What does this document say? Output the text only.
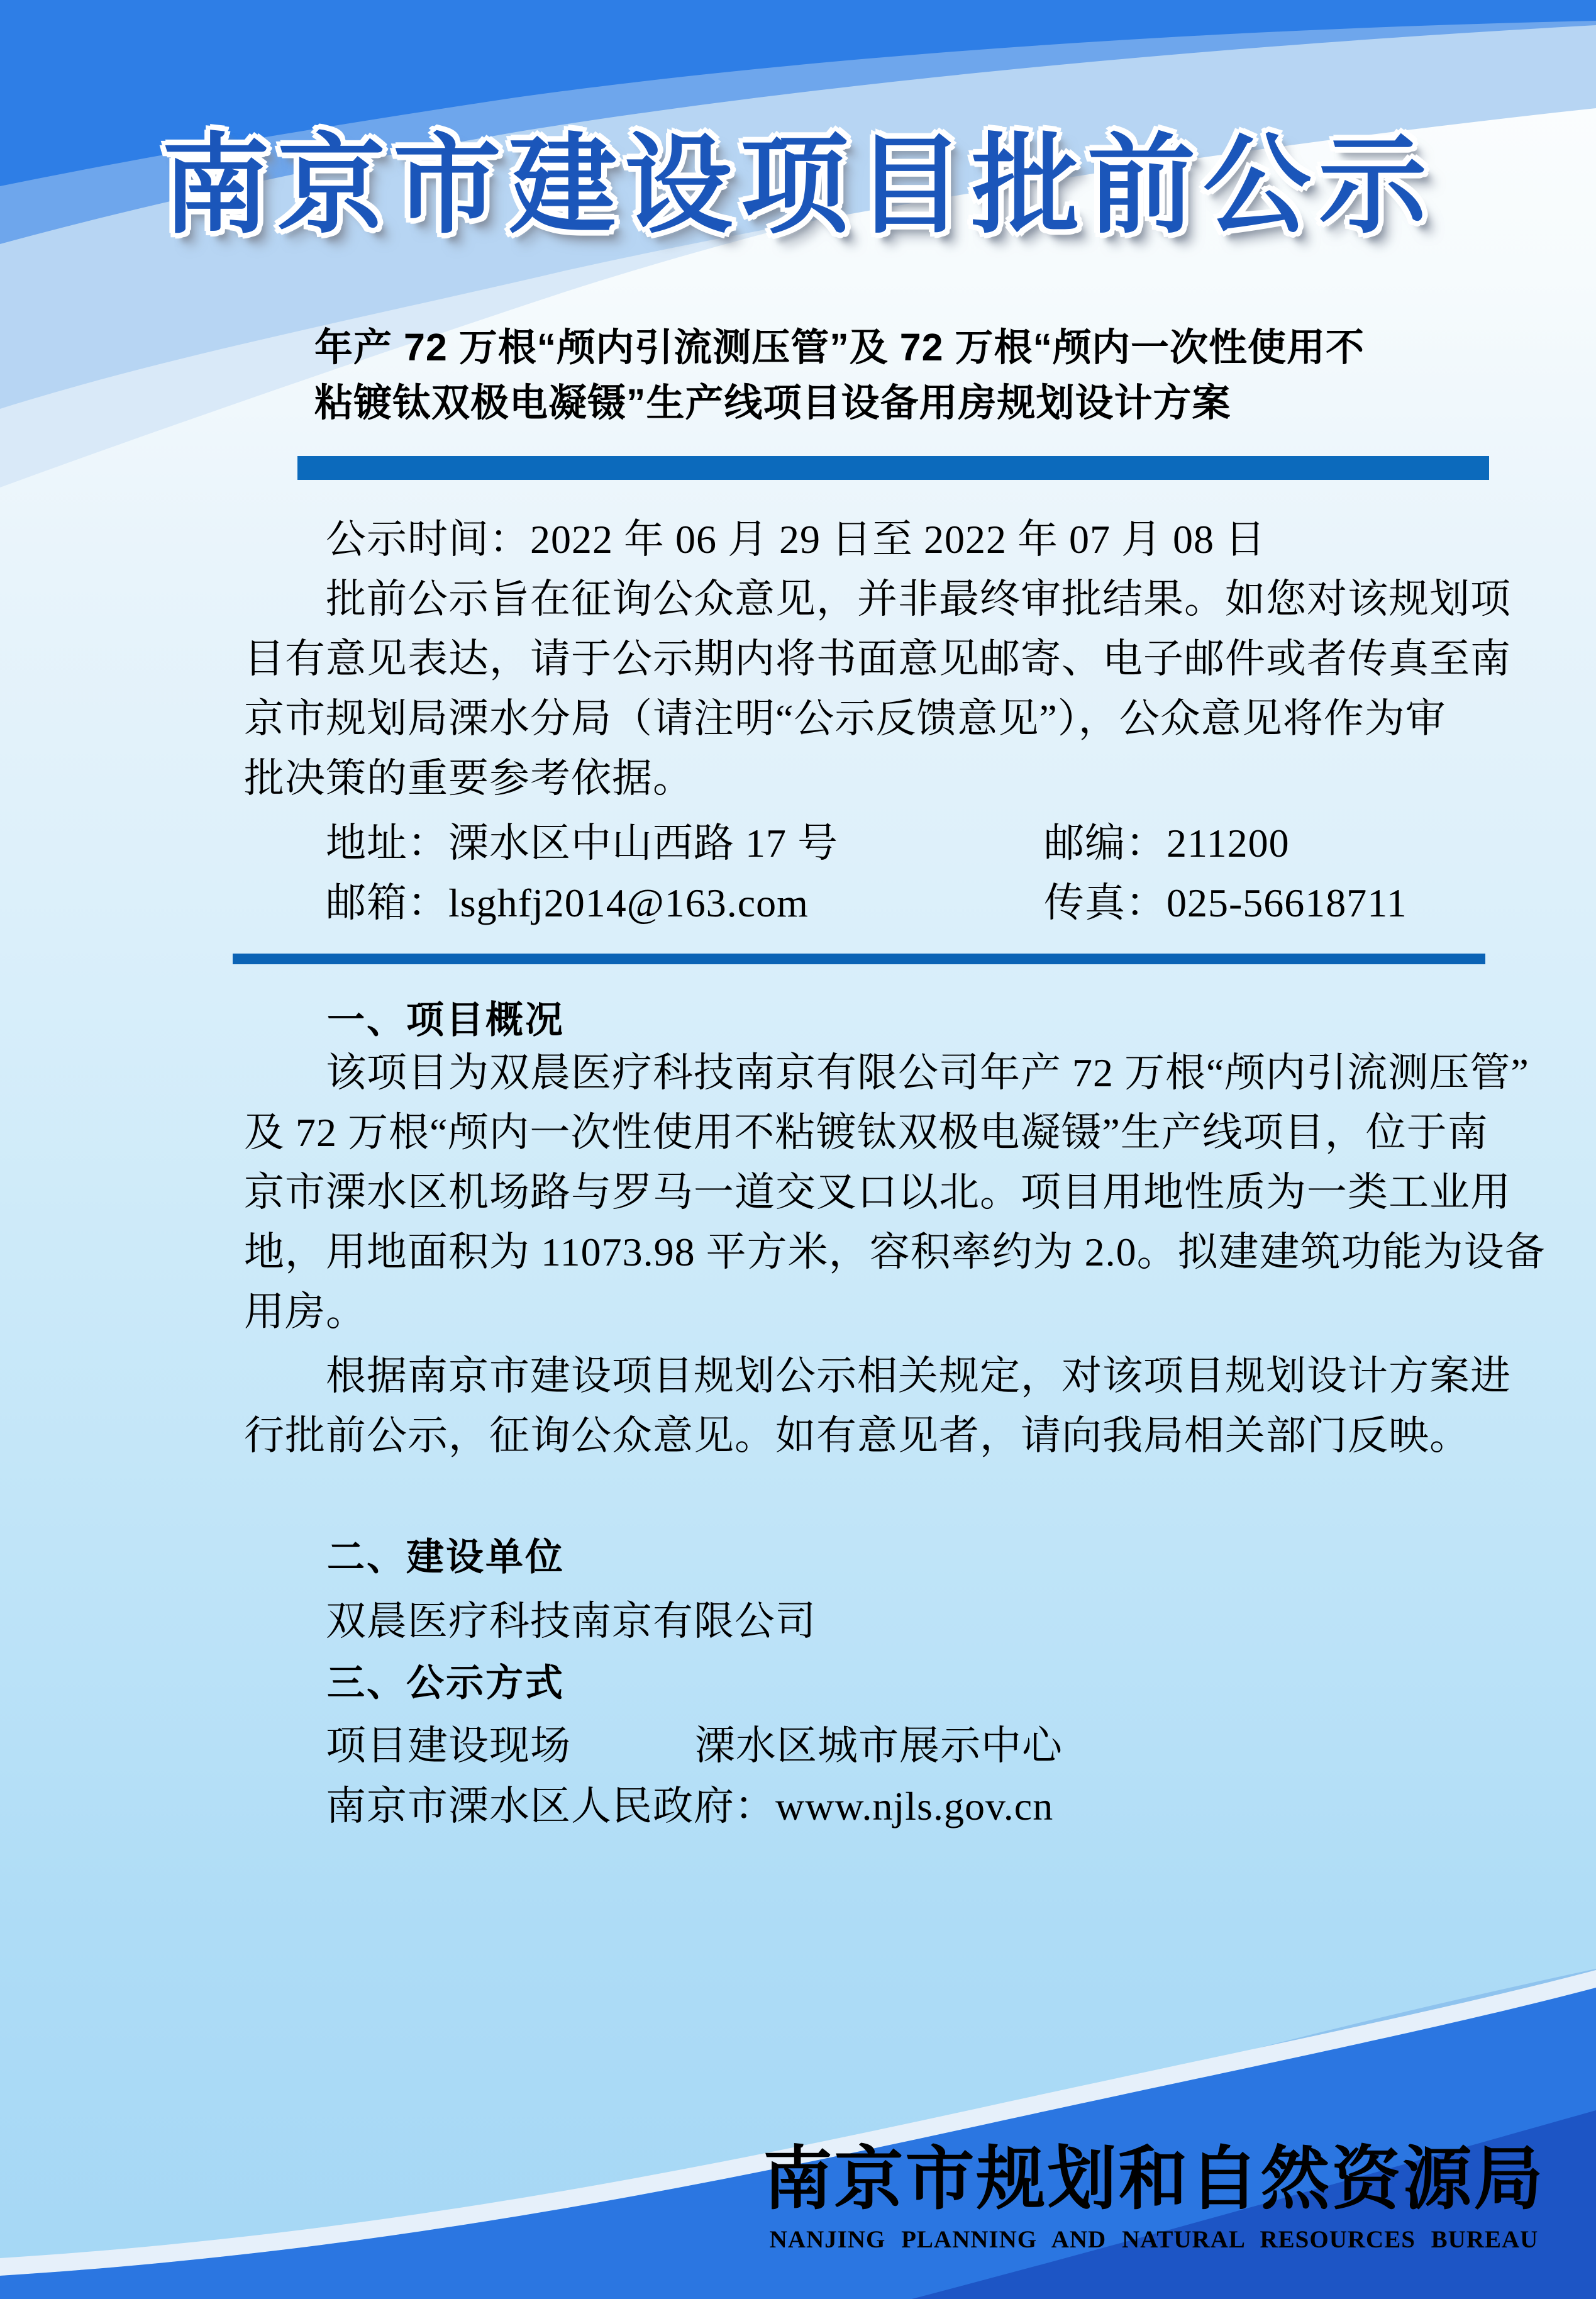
南京市建设项目批前公示
年产 72 万根“颅内引流测压管”及 72 万根“颅内一次性使用不
粘镀钛双极电凝镊”生产线项目设备用房规划设计方案
　　公示时间：2022 年 06 月 29 日至 2022 年 07 月 08 日
　　批前公示旨在征询公众意见，并非最终审批结果。如您对该规划项
目有意见表达，请于公示期内将书面意见邮寄、电子邮件或者传真至南
京市规划局溧水分局（请注明“公示反馈意见”），公众意见将作为审
批决策的重要参考依据。
地址：溧水区中山西路 17 号	邮编：211200
邮箱：lsghfj2014@163.com	传真：025-56618711
一、项目概况
　　该项目为双晨医疗科技南京有限公司年产 72 万根“颅内引流测压管”
及 72 万根“颅内一次性使用不粘镀钛双极电凝镊”生产线项目，位于南
京市溧水区机场路与罗马一道交叉口以北。项目用地性质为一类工业用
地，用地面积为 11073.98 平方米，容积率约为 2.0。拟建建筑功能为设备
用房。
　　根据南京市建设项目规划公示相关规定，对该项目规划设计方案进
行批前公示，征询公众意见。如有意见者，请向我局相关部门反映。
二、建设单位
双晨医疗科技南京有限公司
三、公示方式
项目建设现场	溧水区城市展示中心
南京市溧水区人民政府：www.njls.gov.cn
南京市规划和自然资源局
NANJING PLANNING AND NATURAL RESOURCES BUREAU
